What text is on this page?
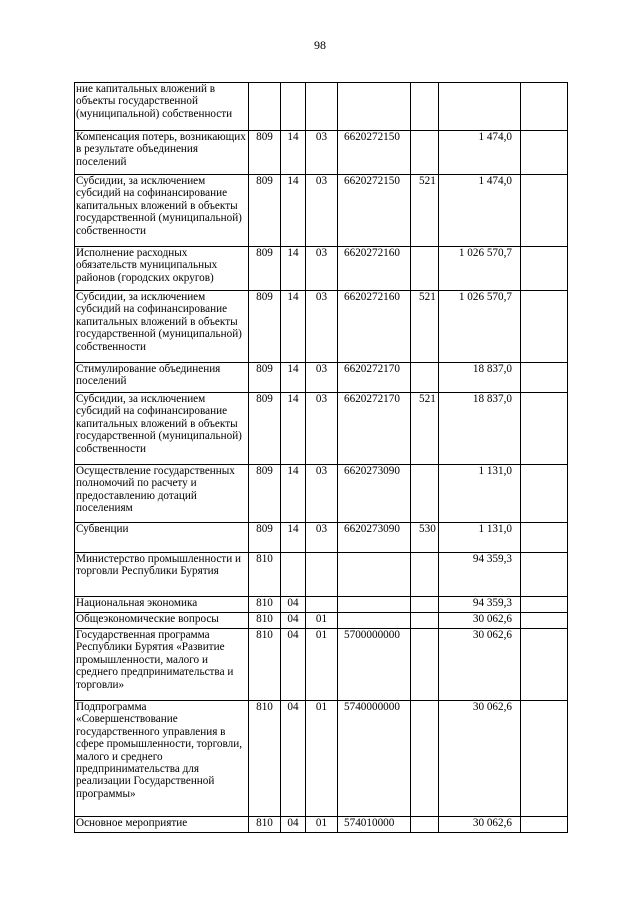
98
ние капитальных вложений в объекты государственной (муниципальной) собственности							
Компенсация потерь, возникающих в результате объединения поселений	809	14	03	6620272150		1 474,0	
Субсидии, за исключением субсидий на софинансирование капитальных вложений в объекты государственной (муниципальной) собственности	809	14	03	6620272150	521	1 474,0	
Исполнение расходных обязательств муниципальных районов (городских округов)	809	14	03	6620272160		1 026 570,7	
Субсидии, за исключением субсидий на софинансирование капитальных вложений в объекты государственной (муниципальной) собственности	809	14	03	6620272160	521	1 026 570,7	
Стимулирование объединения поселений	809	14	03	6620272170		18 837,0	
Субсидии, за исключением субсидий на софинансирование капитальных вложений в объекты государственной (муниципальной) собственности	809	14	03	6620272170	521	18 837,0	
Осуществление государственных полномочий по расчету и предоставлению дотаций поселениям	809	14	03	6620273090		1 131,0	
Субвенции	809	14	03	6620273090	530	1 131,0	
Министерство промышленности и торговли Республики Бурятия	810					94 359,3	
Национальная экономика	810	04				94 359,3	
Общеэкономические вопросы	810	04	01			30 062,6	
Государственная программа Республики Бурятия «Развитие промышленности, малого и среднего предпринимательства и торговли»	810	04	01	5700000000		30 062,6	
Подпрограмма «Совершенствование государственного управления в сфере промышленности, торговли, малого и среднего предпринимательства для реализации Государственной программы»	810	04	01	5740000000		30 062,6	
Основное мероприятие	810	04	01	574010000		30 062,6	
